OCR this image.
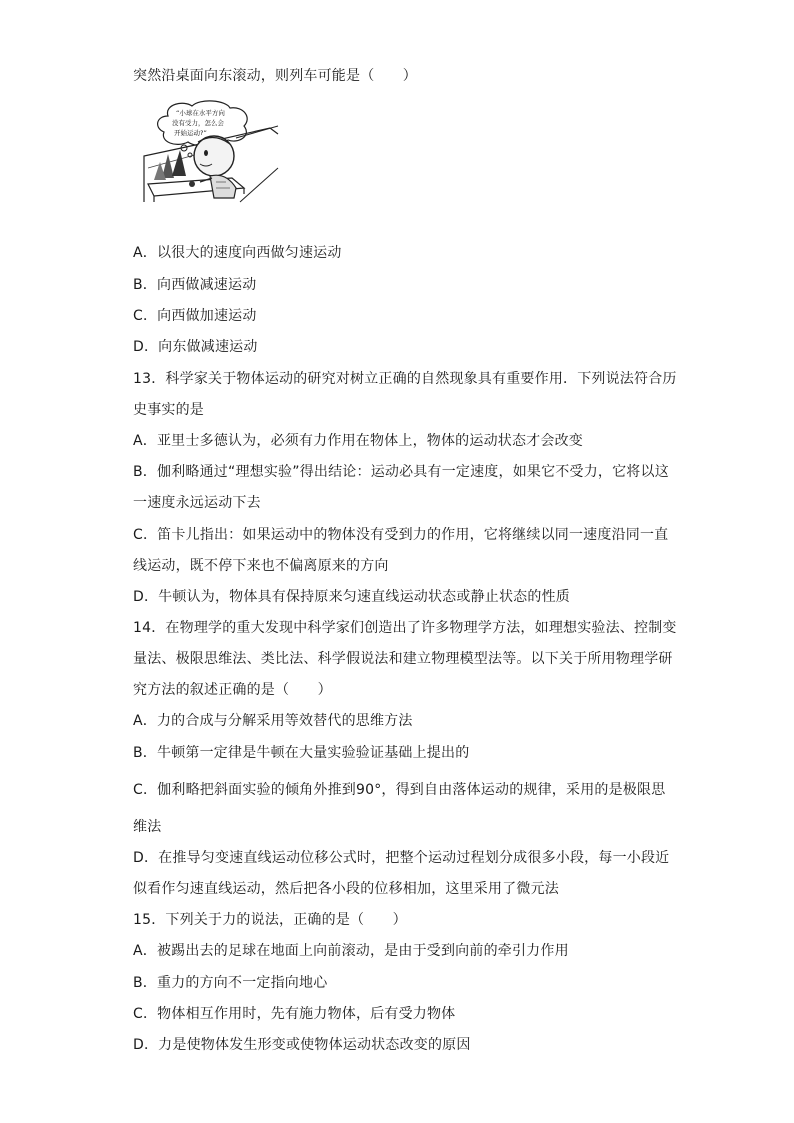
突然沿桌面向东滚动，则列车可能是（　　）
“小球在水平方向
没有受力，怎么会
开始运动?”
A．以很大的速度向西做匀速运动
B．向西做减速运动
C．向西做加速运动
D．向东做减速运动
13．科学家关于物体运动的研究对树立正确的自然现象具有重要作用．下列说法符合历
史事实的是
A．亚里士多德认为，必须有力作用在物体上，物体的运动状态才会改变
B．伽利略通过“理想实验”得出结论：运动必具有一定速度，如果它不受力，它将以这
一速度永远运动下去
C．笛卡儿指出：如果运动中的物体没有受到力的作用，它将继续以同一速度沿同一直
线运动，既不停下来也不偏离原来的方向
D．牛顿认为，物体具有保持原来匀速直线运动状态或静止状态的性质
14．在物理学的重大发现中科学家们创造出了许多物理学方法，如理想实验法、控制变
量法、极限思维法、类比法、科学假说法和建立物理模型法等。以下关于所用物理学研
究方法的叙述正确的是（　　）
A．力的合成与分解采用等效替代的思维方法
B．牛顿第一定律是牛顿在大量实验验证基础上提出的
C．伽利略把斜面实验的倾角外推到90°，得到自由落体运动的规律，采用的是极限思
维法
D．在推导匀变速直线运动位移公式时，把整个运动过程划分成很多小段，每一小段近
似看作匀速直线运动，然后把各小段的位移相加，这里采用了微元法
15．下列关于力的说法，正确的是（　　）
A．被踢出去的足球在地面上向前滚动，是由于受到向前的牵引力作用
B．重力的方向不一定指向地心
C．物体相互作用时，先有施力物体，后有受力物体
D．力是使物体发生形变或使物体运动状态改变的原因
